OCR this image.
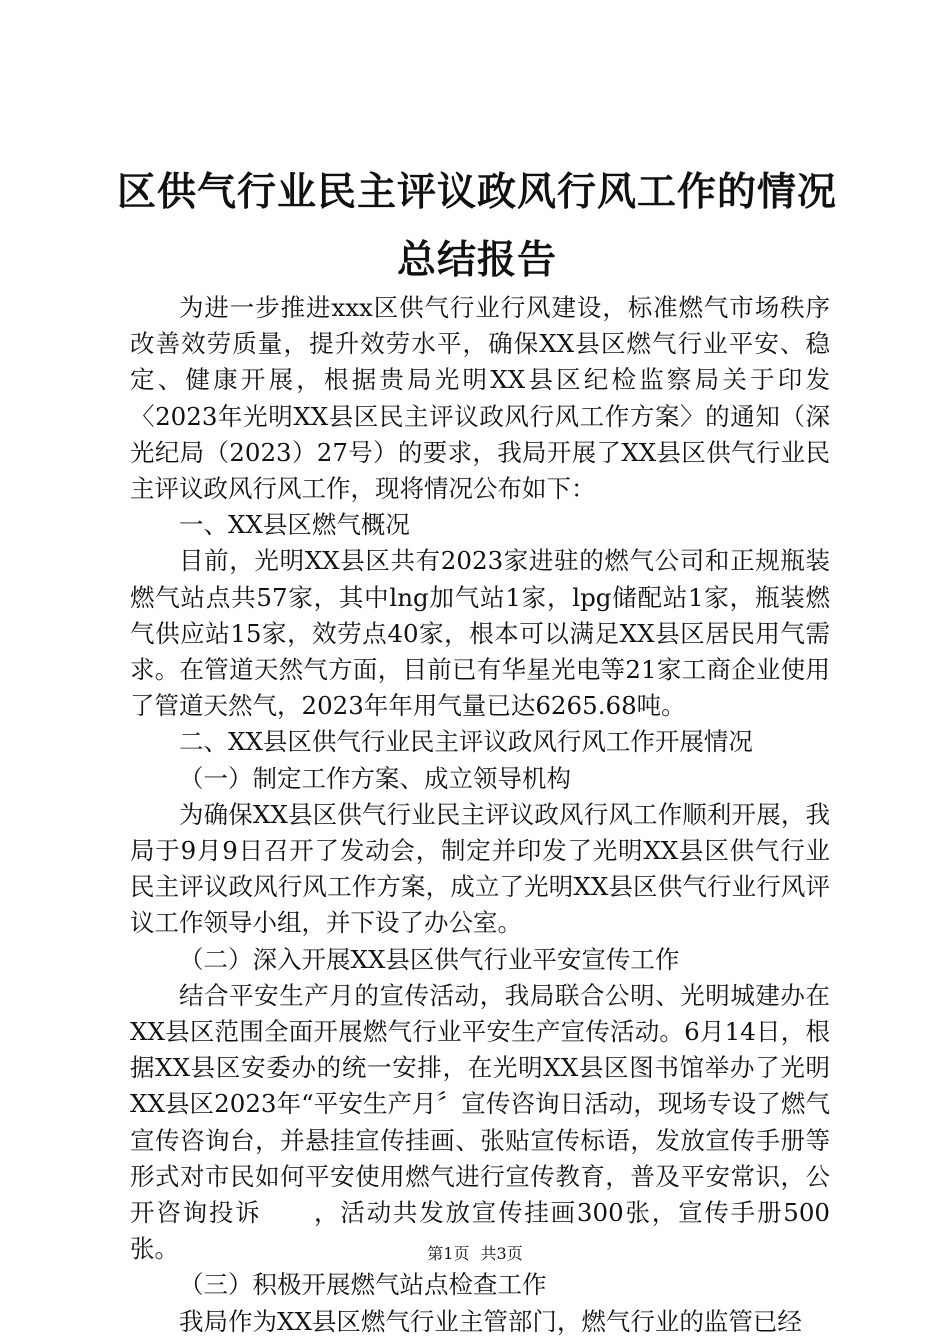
区供气行业民主评议政风行风工作的情况总结报告

为进一步推进xxx区供气行业行风建设，标准燃气市场秩序改善效劳质量，提升效劳水平，确保XX县区燃气行业平安、稳定、健康开展，根据贵局光明XX县区纪检监察局关于印发〈2023年光明XX县区民主评议政风行风工作方案〉的通知（深光纪局（2023）27号）的要求，我局开展了XX县区供气行业民主评议政风行风工作，现将情况公布如下：

一、XX县区燃气概况

目前，光明XX县区共有2023家进驻的燃气公司和正规瓶装燃气站点共57家，其中lng加气站1家，lpg储配站1家，瓶装燃气供应站15家，效劳点40家，根本可以满足XX县区居民用气需求。在管道天然气方面，目前已有华星光电等21家工商企业使用了管道天然气，2023年年用气量已达6265.68吨。

二、XX县区供气行业民主评议政风行风工作开展情况

（一）制定工作方案、成立领导机构

为确保XX县区供气行业民主评议政风行风工作顺利开展，我局于9月9日召开了发动会，制定并印发了光明XX县区供气行业民主评议政风行风工作方案，成立了光明XX县区供气行业行风评议工作领导小组，并下设了办公室。

（二）深入开展XX县区供气行业平安宣传工作

结合平安生产月的宣传活动，我局联合公明、光明城建办在XX县区范围全面开展燃气行业平安生产宣传活动。6月14日，根据XX县区安委办的统一安排，在光明XX县区图书馆举办了光明XX县区2023年“平安生产月〞宣传咨询日活动，现场专设了燃气宣传咨询台，并悬挂宣传挂画、张贴宣传标语，发放宣传手册等形式对市民如何平安使用燃气进行宣传教育，普及平安常识，公开咨询投诉　　，活动共发放宣传挂画300张，宣传手册500张。

（三）积极开展燃气站点检查工作

我局作为XX县区燃气行业主管部门，燃气行业的监管已经

第1页 共3页
